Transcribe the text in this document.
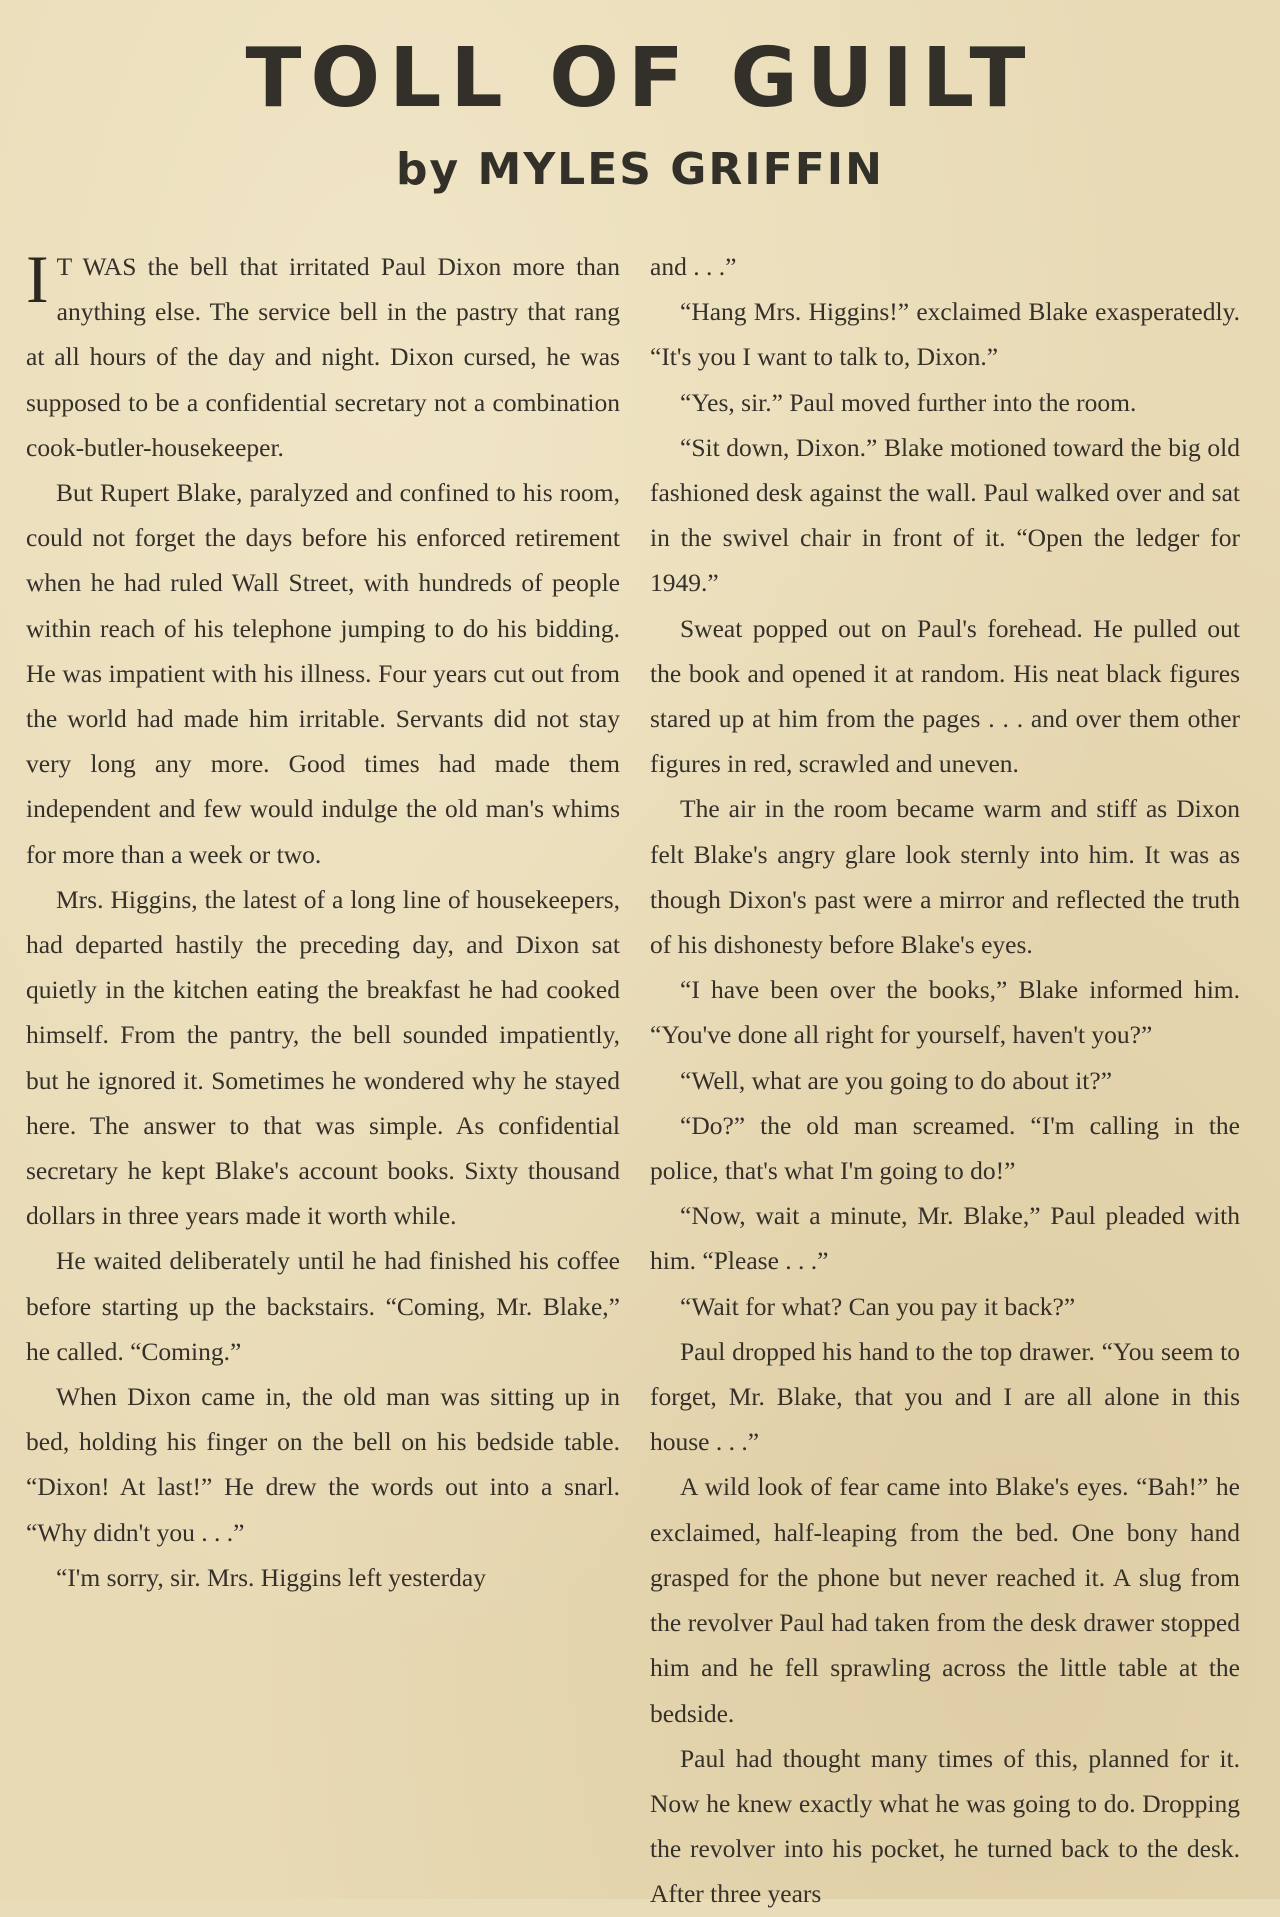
TOLL OF GUILT
by MYLES GRIFFIN

I T WAS the bell that irritated Paul Dixon more than anything else. The service bell in the pastry that rang at all hours of the day and night. Dixon cursed, he was supposed to be a confidential secretary not a combination cook-butler-housekeeper.

But Rupert Blake, paralyzed and confined to his room, could not forget the days before his enforced retirement when he had ruled Wall Street, with hundreds of people within reach of his telephone jumping to do his bidding. He was impatient with his illness. Four years cut out from the world had made him irritable. Servants did not stay very long any more. Good times had made them independent and few would indulge the old man's whims for more than a week or two.

Mrs. Higgins, the latest of a long line of housekeepers, had departed hastily the preceding day, and Dixon sat quietly in the kitchen eating the breakfast he had cooked himself. From the pantry, the bell sounded impatiently, but he ignored it. Sometimes he wondered why he stayed here. The answer to that was simple. As confidential secretary he kept Blake's account books. Sixty thousand dollars in three years made it worth while.

He waited deliberately until he had finished his coffee before starting up the backstairs. “Coming, Mr. Blake,” he called. “Coming.”

When Dixon came in, the old man was sitting up in bed, holding his finger on the bell on his bedside table. “Dixon! At last!” He drew the words out into a snarl. “Why didn't you . . .”

“I'm sorry, sir. Mrs. Higgins left yesterday

and . . .”

“Hang Mrs. Higgins!” exclaimed Blake exasperatedly. “It's you I want to talk to, Dixon.”

“Yes, sir.” Paul moved further into the room.

“Sit down, Dixon.” Blake motioned toward the big old fashioned desk against the wall. Paul walked over and sat in the swivel chair in front of it. “Open the ledger for 1949.”

Sweat popped out on Paul's forehead. He pulled out the book and opened it at random. His neat black figures stared up at him from the pages . . . and over them other figures in red, scrawled and uneven.

The air in the room became warm and stiff as Dixon felt Blake's angry glare look sternly into him. It was as though Dixon's past were a mirror and reflected the truth of his dishonesty before Blake's eyes.

“I have been over the books,” Blake informed him. “You've done all right for yourself, haven't you?”

“Well, what are you going to do about it?”

“Do?” the old man screamed. “I'm calling in the police, that's what I'm going to do!”

“Now, wait a minute, Mr. Blake,” Paul pleaded with him. “Please . . .”

“Wait for what? Can you pay it back?”

Paul dropped his hand to the top drawer. “You seem to forget, Mr. Blake, that you and I are all alone in this house . . .”

A wild look of fear came into Blake's eyes. “Bah!” he exclaimed, half-leaping from the bed. One bony hand grasped for the phone but never reached it. A slug from the revolver Paul had taken from the desk drawer stopped him and he fell sprawling across the little table at the bedside.

Paul had thought many times of this, planned for it. Now he knew exactly what he was going to do. Dropping the revolver into his pocket, he turned back to the desk. After three years
